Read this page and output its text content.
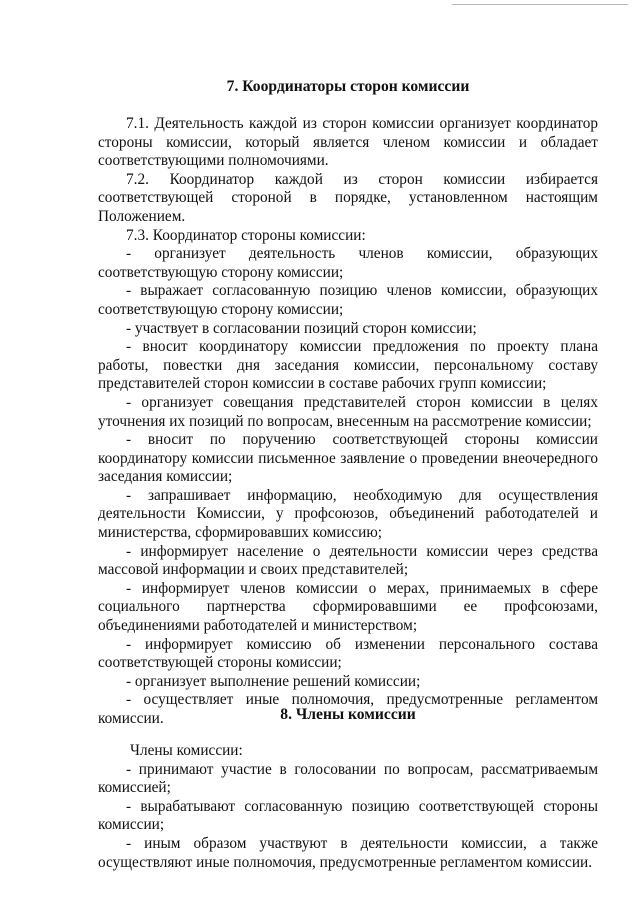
7. Координаторы сторон комиссии

7.1. Деятельность каждой из сторон комиссии организует координатор стороны комиссии, который является членом комиссии и обладает соответствующими полномочиями.

7.2. Координатор каждой из сторон комиссии избирается соответствующей стороной в порядке, установленном настоящим Положением.

7.3. Координатор стороны комиссии:

- организует деятельность членов комиссии, образующих соответствующую сторону комиссии;

- выражает согласованную позицию членов комиссии, образующих соответствующую сторону комиссии;

- участвует в согласовании позиций сторон комиссии;

- вносит координатору комиссии предложения по проекту плана работы, повестки дня заседания комиссии, персональному составу представителей сторон комиссии в составе рабочих групп комиссии;

- организует совещания представителей сторон комиссии в целях уточнения их позиций по вопросам, внесенным на рассмотрение комиссии;

- вносит по поручению соответствующей стороны комиссии координатору комиссии письменное заявление о проведении внеочередного заседания комиссии;

- запрашивает информацию, необходимую для осуществления деятельности Комиссии, у профсоюзов, объединений работодателей и министерства, сформировавших комиссию;

- информирует население о деятельности комиссии через средства массовой информации и своих представителей;

- информирует членов комиссии о мерах, принимаемых в сфере социального партнерства сформировавшими ее профсоюзами, объединениями работодателей и министерством;

- информирует комиссию об изменении персонального состава соответствующей стороны комиссии;

- организует выполнение решений комиссии;

- осуществляет иные полномочия, предусмотренные регламентом комиссии.	8. Члены комиссии

Члены комиссии:

- принимают участие в голосовании по вопросам, рассматриваемым комиссией;

- вырабатывают согласованную позицию соответствующей стороны комиссии;

- иным образом участвуют в деятельности комиссии, а также осуществляют иные полномочия, предусмотренные регламентом комиссии.
